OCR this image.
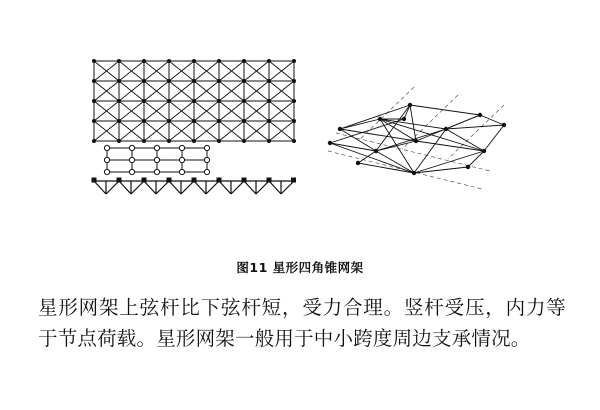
图11 星形四角锥网架

星形网架上弦杆比下弦杆短，受力合理。竖杆受压，内力等于节点荷载。星形网架一般用于中小跨度周边支承情况。
